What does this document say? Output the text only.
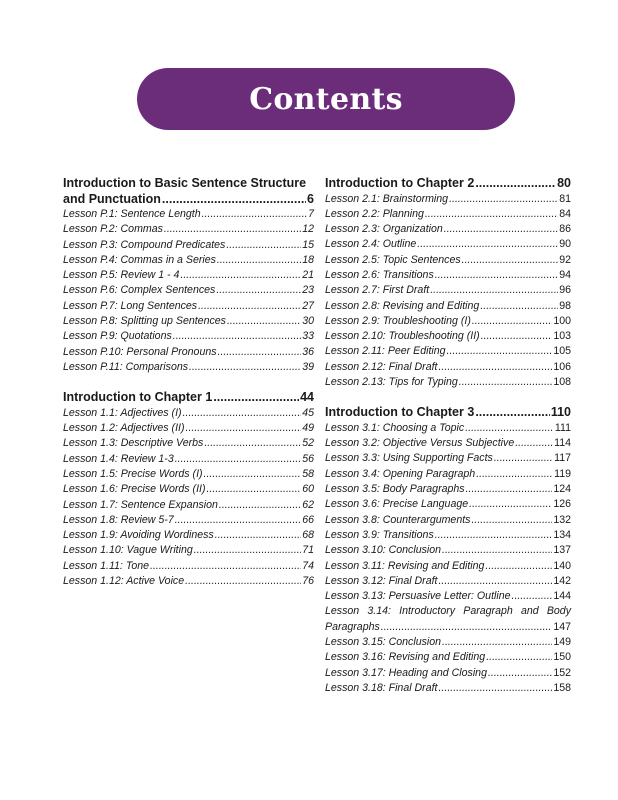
Contents
Introduction to Basic Sentence Structure
and Punctuation .....	6
Lesson P.1: Sentence Length .....	7
Lesson P.2: Commas .....	12
Lesson P.3: Compound Predicates .....	15
Lesson P.4: Commas in a Series .....	18
Lesson P.5: Review 1 - 4 .....	21
Lesson P.6: Complex Sentences .....	23
Lesson P.7: Long Sentences .....	27
Lesson P.8: Splitting up Sentences .....	30
Lesson P.9: Quotations .....	33
Lesson P.10: Personal Pronouns .....	36
Lesson P.11: Comparisons .....	39
Introduction to Chapter 1 .....	44
Lesson 1.1: Adjectives (I) .....	45
Lesson 1.2: Adjectives (II) .....	49
Lesson 1.3: Descriptive Verbs .....	52
Lesson 1.4: Review 1-3 .....	56
Lesson 1.5: Precise Words (I) .....	58
Lesson 1.6: Precise Words (II) .....	60
Lesson 1.7: Sentence Expansion .....	62
Lesson 1.8: Review 5-7 .....	66
Lesson 1.9: Avoiding Wordiness .....	68
Lesson 1.10: Vague Writing .....	71
Lesson 1.11: Tone .....	74
Lesson 1.12: Active Voice .....	76
Introduction to Chapter 2 .....	80
Lesson 2.1: Brainstorming .....	81
Lesson 2.2: Planning .....	84
Lesson 2.3: Organization .....	86
Lesson 2.4: Outline .....	90
Lesson 2.5: Topic Sentences .....	92
Lesson 2.6: Transitions .....	94
Lesson 2.7: First Draft .....	96
Lesson 2.8: Revising and Editing .....	98
Lesson 2.9: Troubleshooting (I) .....	100
Lesson 2.10: Troubleshooting (II) .....	103
Lesson 2.11: Peer Editing .....	105
Lesson 2.12: Final Draft .....	106
Lesson 2.13: Tips for Typing .....	108
Introduction to Chapter 3 .....	110
Lesson 3.1: Choosing a Topic .....	111
Lesson 3.2: Objective Versus Subjective .....	114
Lesson 3.3: Using Supporting Facts .....	117
Lesson 3.4: Opening Paragraph .....	119
Lesson 3.5: Body Paragraphs .....	124
Lesson 3.6: Precise Language .....	126
Lesson 3.8: Counterarguments .....	132
Lesson 3.9: Transitions .....	134
Lesson 3.10: Conclusion .....	137
Lesson 3.11: Revising and Editing .....	140
Lesson 3.12: Final Draft .....	142
Lesson 3.13: Persuasive Letter: Outline .....	144
Lesson 3.14: Introductory Paragraph and Body
Paragraphs .....	147
Lesson 3.15: Conclusion .....	149
Lesson 3.16: Revising and Editing .....	150
Lesson 3.17: Heading and Closing .....	152
Lesson 3.18: Final Draft .....	158
